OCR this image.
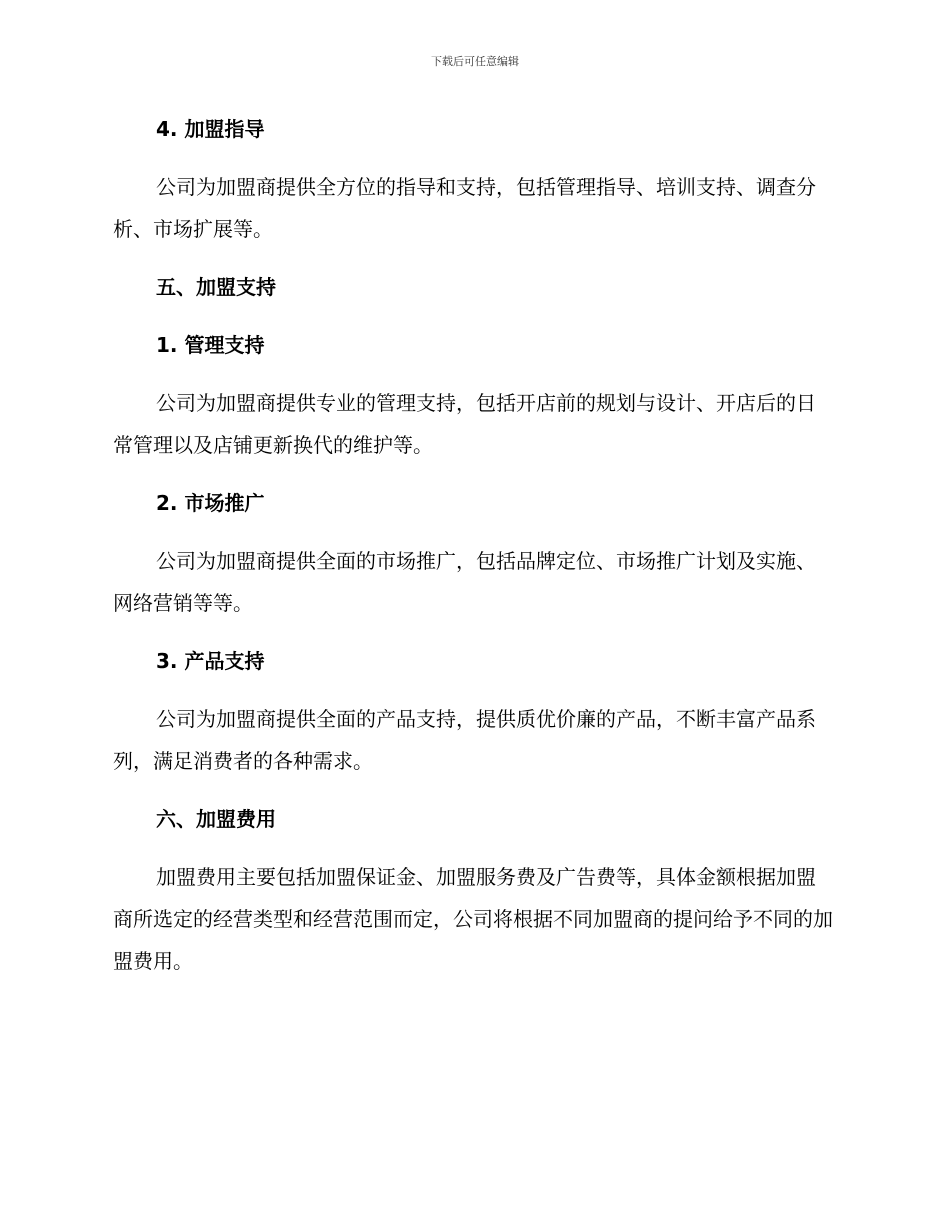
下载后可任意编辑
4. 加盟指导

公司为加盟商提供全方位的指导和支持，包括管理指导、培训支持、调查分析、市场扩展等。

五、加盟支持
1. 管理支持

公司为加盟商提供专业的管理支持，包括开店前的规划与设计、开店后的日常管理以及店铺更新换代的维护等。

2. 市场推广

公司为加盟商提供全面的市场推广，包括品牌定位、市场推广计划及实施、网络营销等等。

3. 产品支持

公司为加盟商提供全面的产品支持，提供质优价廉的产品，不断丰富产品系列，满足消费者的各种需求。

六、加盟费用

加盟费用主要包括加盟保证金、加盟服务费及广告费等，具体金额根据加盟商所选定的经营类型和经营范围而定，公司将根据不同加盟商的提问给予不同的加盟费用。
